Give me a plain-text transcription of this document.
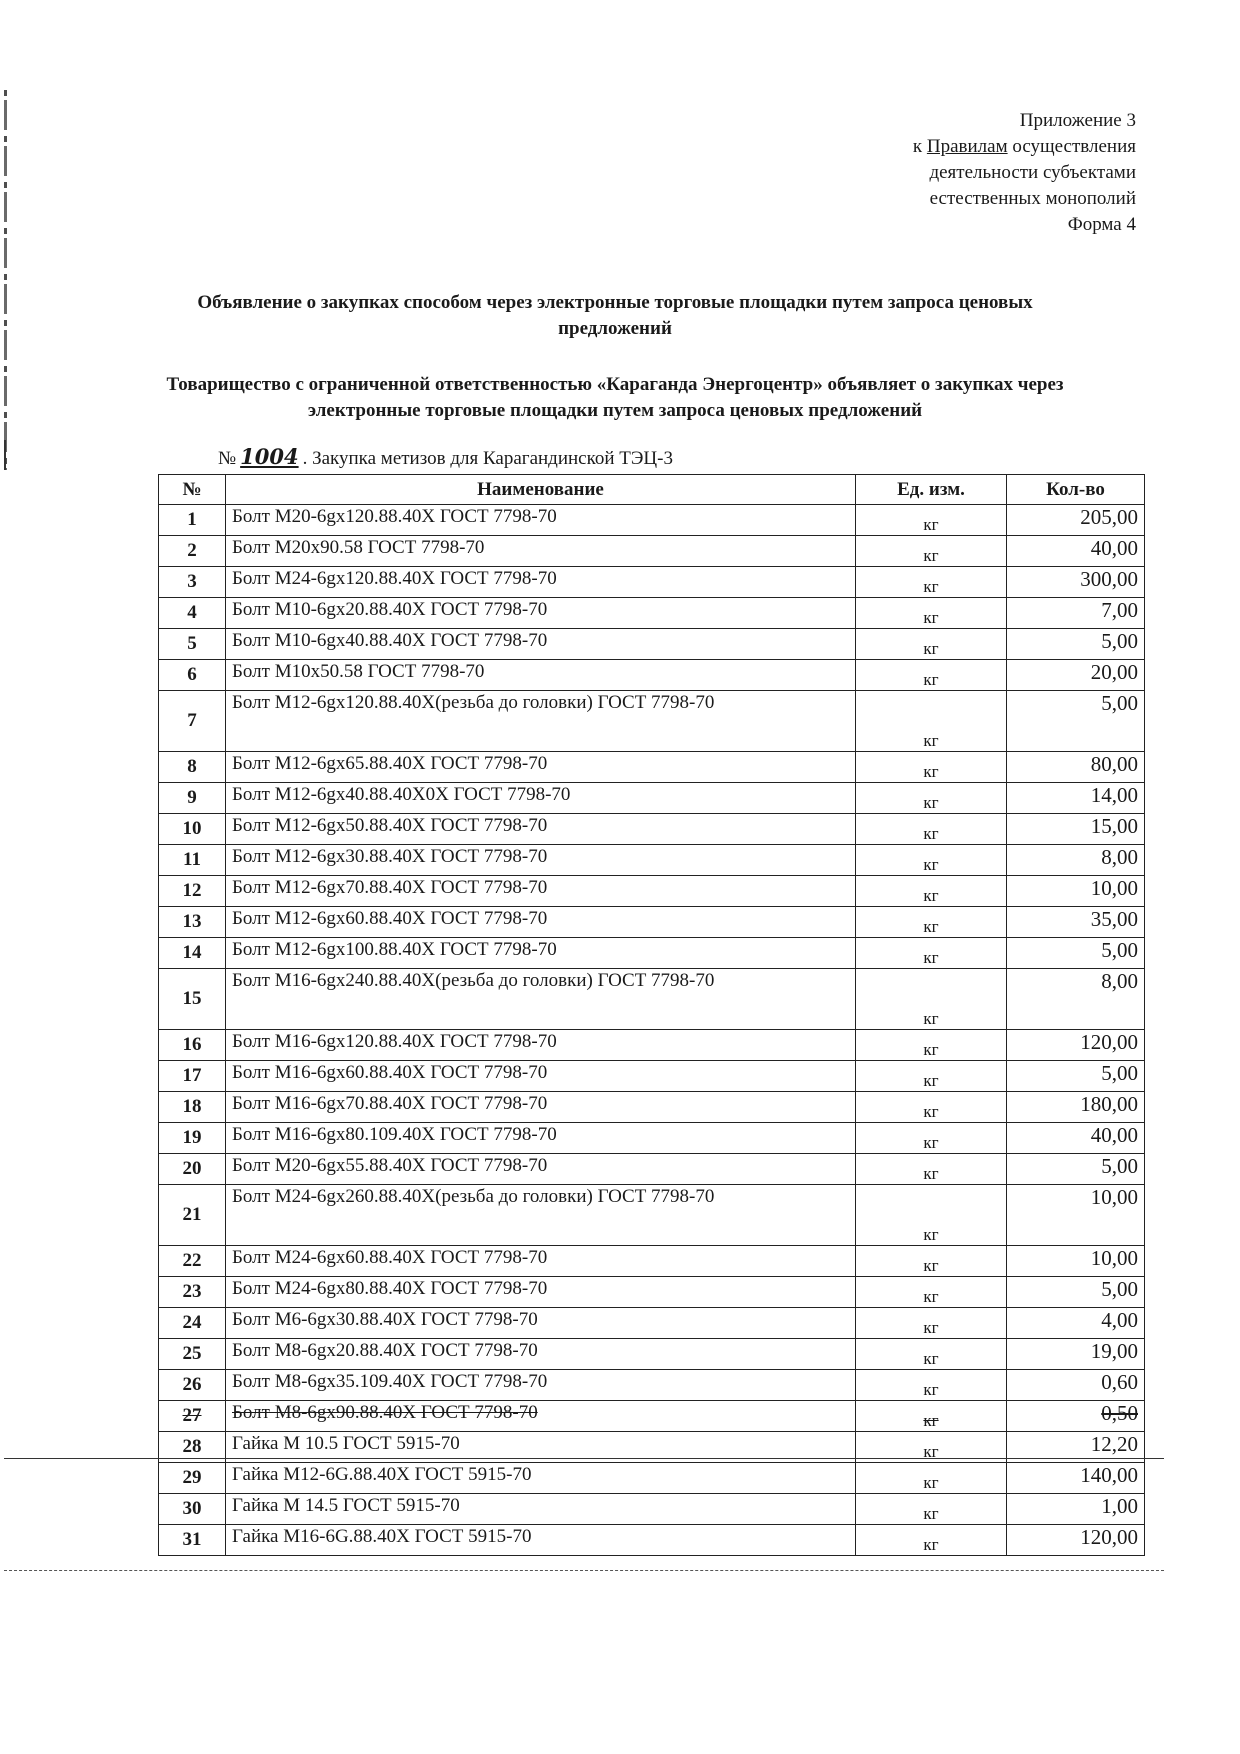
Приложение 3
к Правилам осуществления
деятельности субъектами
естественных монополий
Форма 4
Объявление о закупках способом через электронные торговые площадки путем запроса ценовых предложений
Товарищество с ограниченной ответственностью «Караганда Энергоцентр» объявляет о закупках через электронные торговые площадки путем запроса ценовых предложений
№ 1004 . Закупка метизов для Карагандинской ТЭЦ-3
№	Наименование	Ед. изм.	Кол-во
1	Болт М20-6gх120.88.40Х ГОСТ 7798-70	кг	205,00
2	Болт М20х90.58 ГОСТ 7798-70	кг	40,00
3	Болт М24-6gх120.88.40Х ГОСТ 7798-70	кг	300,00
4	Болт М10-6gх20.88.40Х ГОСТ 7798-70	кг	7,00
5	Болт М10-6gх40.88.40Х ГОСТ 7798-70	кг	5,00
6	Болт М10х50.58 ГОСТ 7798-70	кг	20,00
7	Болт М12-6gх120.88.40Х(резьба до головки) ГОСТ 7798-70	кг	5,00
8	Болт М12-6gх65.88.40Х ГОСТ 7798-70	кг	80,00
9	Болт М12-6gх40.88.40Х0Х ГОСТ 7798-70	кг	14,00
10	Болт М12-6gх50.88.40Х ГОСТ 7798-70	кг	15,00
11	Болт М12-6gх30.88.40Х ГОСТ 7798-70	кг	8,00
12	Болт М12-6gх70.88.40Х ГОСТ 7798-70	кг	10,00
13	Болт М12-6gх60.88.40Х ГОСТ 7798-70	кг	35,00
14	Болт М12-6gх100.88.40Х ГОСТ 7798-70	кг	5,00
15	Болт М16-6gх240.88.40Х(резьба до головки) ГОСТ 7798-70	кг	8,00
16	Болт М16-6gх120.88.40Х ГОСТ 7798-70	кг	120,00
17	Болт М16-6gх60.88.40Х ГОСТ 7798-70	кг	5,00
18	Болт М16-6gх70.88.40Х ГОСТ 7798-70	кг	180,00
19	Болт М16-6gх80.109.40Х ГОСТ 7798-70	кг	40,00
20	Болт М20-6gх55.88.40Х ГОСТ 7798-70	кг	5,00
21	Болт М24-6gх260.88.40Х(резьба до головки) ГОСТ 7798-70	кг	10,00
22	Болт М24-6gх60.88.40Х ГОСТ 7798-70	кг	10,00
23	Болт М24-6gх80.88.40Х ГОСТ 7798-70	кг	5,00
24	Болт М6-6gх30.88.40Х ГОСТ 7798-70	кг	4,00
25	Болт М8-6gх20.88.40Х ГОСТ 7798-70	кг	19,00
26	Болт М8-6gх35.109.40Х ГОСТ 7798-70	кг	0,60
27	Болт М8-6gх90.88.40Х ГОСТ 7798-70	кг	0,50
28	Гайка М 10.5 ГОСТ 5915-70	кг	12,20
29	Гайка М12-6G.88.40Х ГОСТ 5915-70	кг	140,00
30	Гайка М 14.5 ГОСТ 5915-70	кг	1,00
31	Гайка М16-6G.88.40Х ГОСТ 5915-70	кг	120,00
